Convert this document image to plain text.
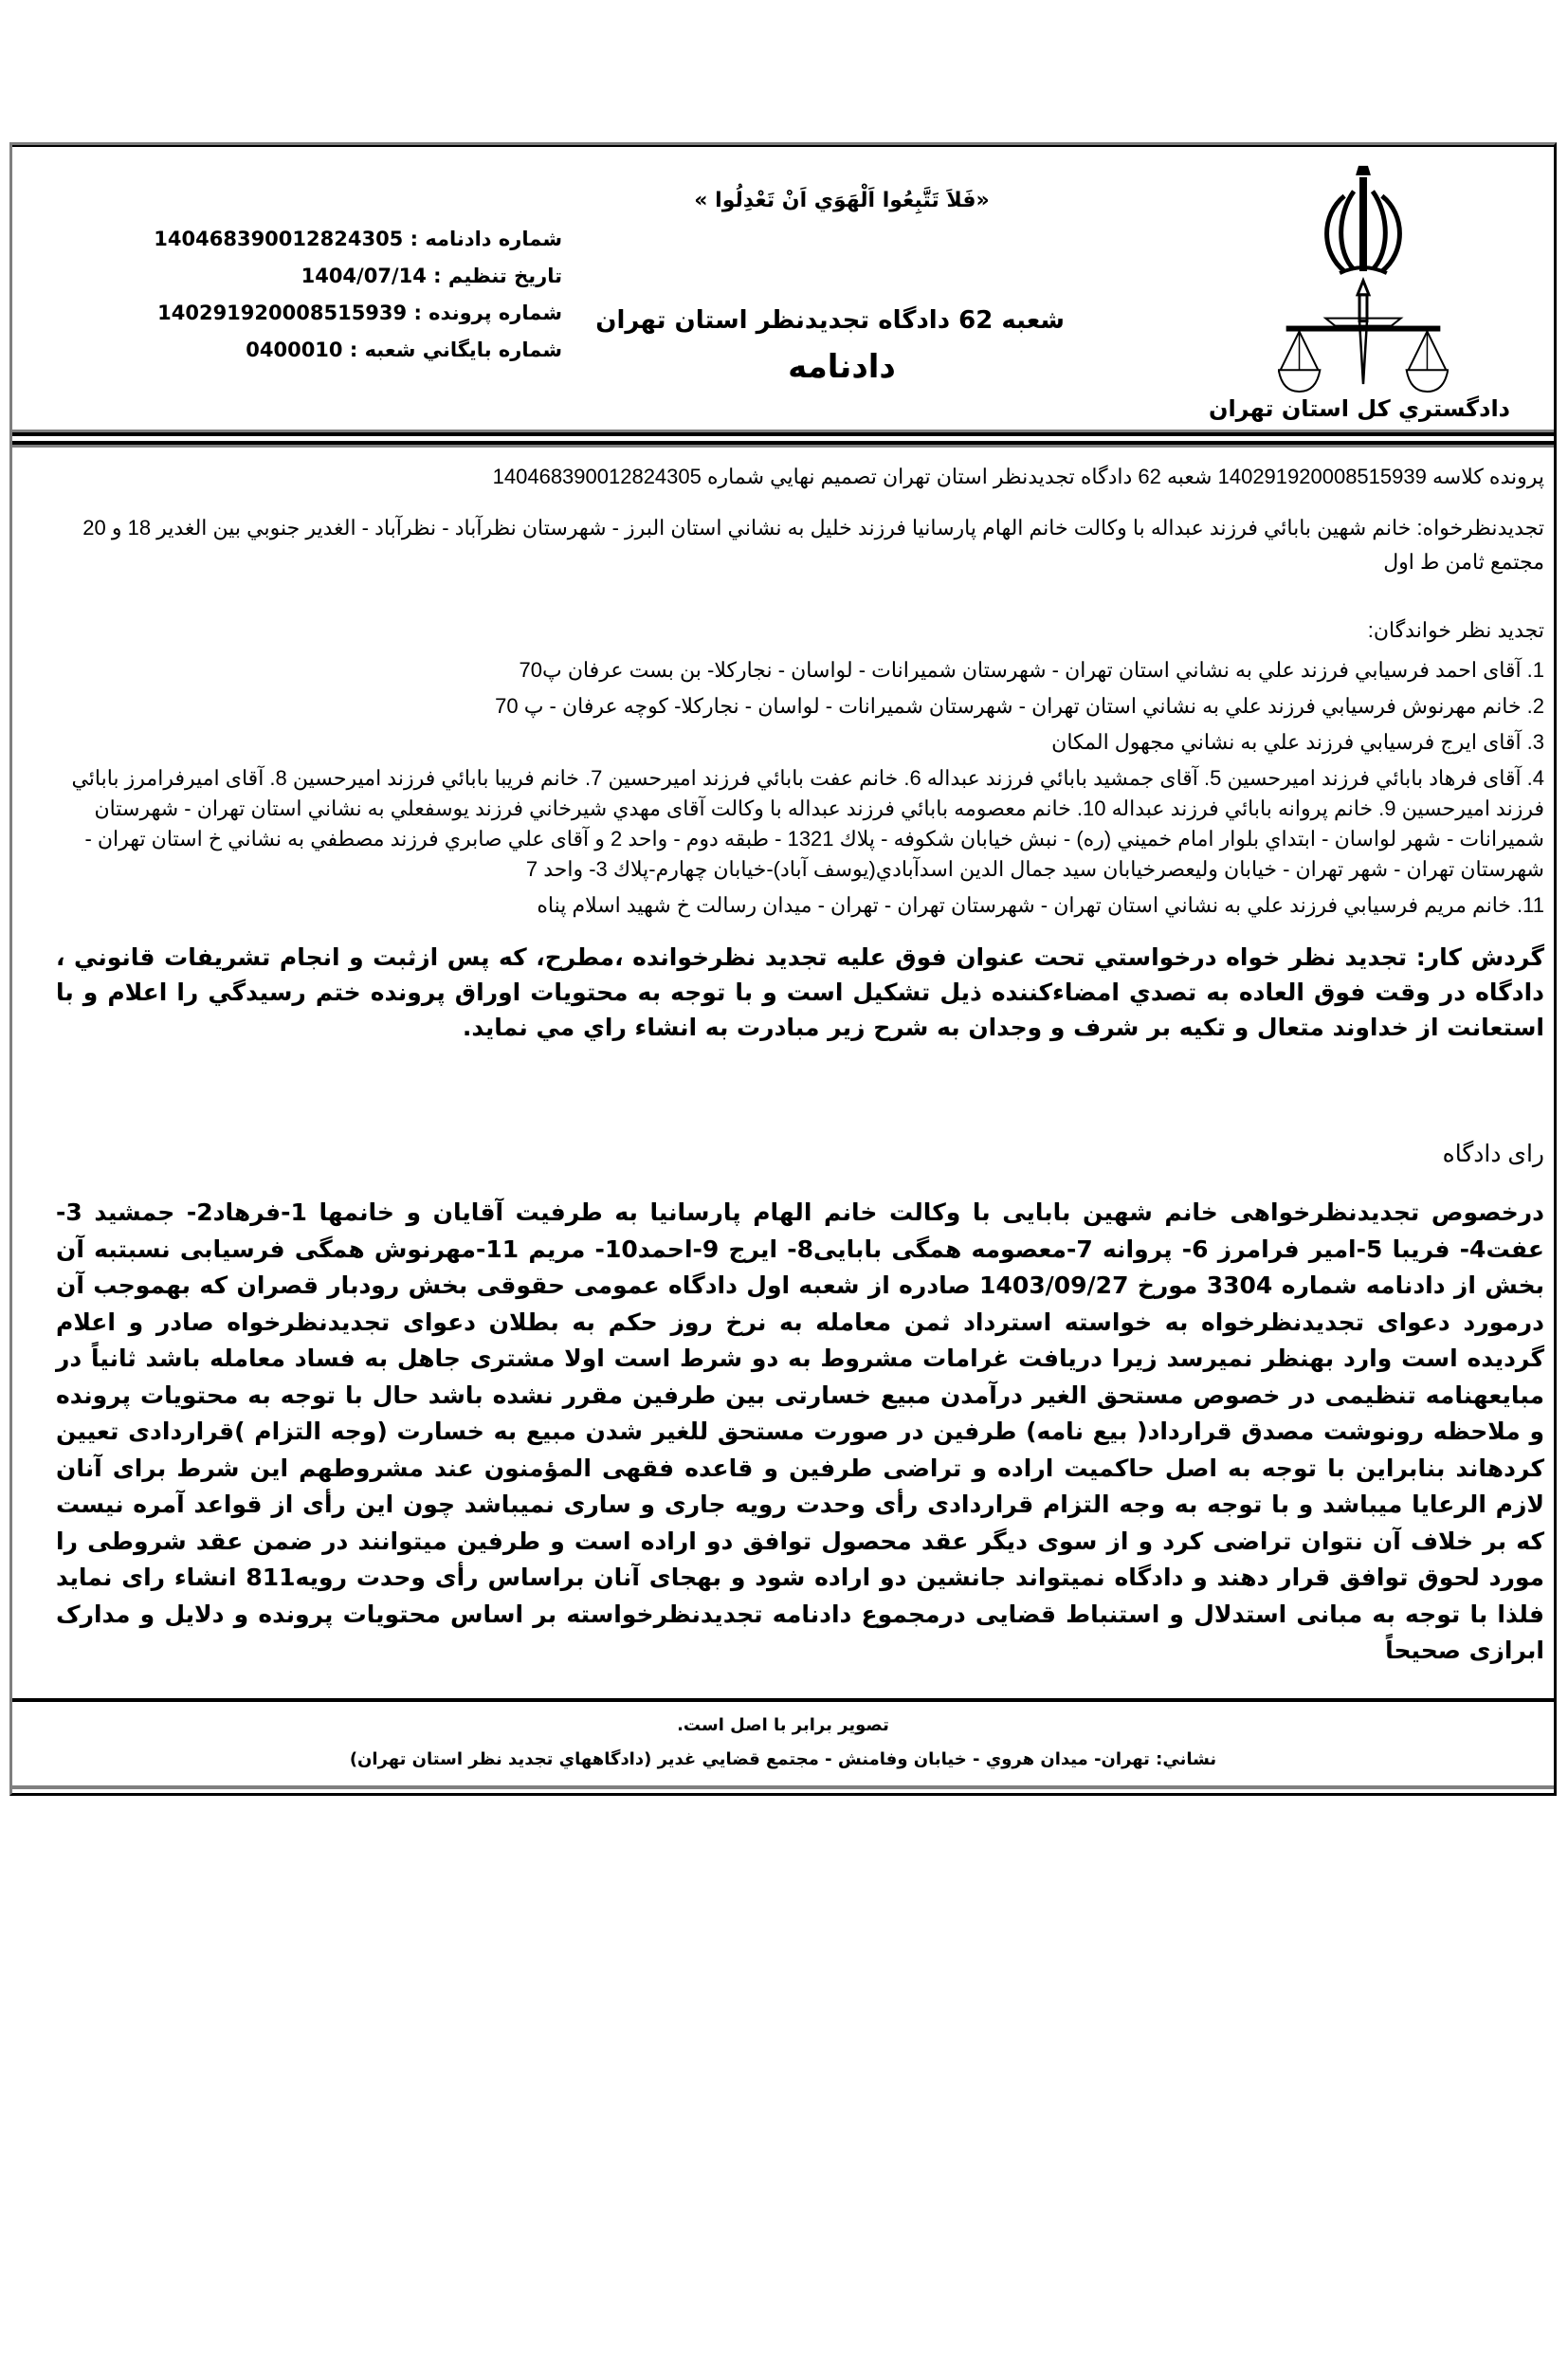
دادگستري كل استان تهران
«فَلاَ تَتَّبِعُوا اَلْهَوَي اَنْ تَعْدِلُوا »
شعبه 62 دادگاه تجديدنظر استان تهران
دادنامه
شماره دادنامه : 140468390012824305
تاريخ تنظيم : 1404/07/14
شماره پرونده : 140291920008515939
شماره بايگاني شعبه : 0400010

پرونده كلاسه 140291920008515939 شعبه 62 دادگاه تجديدنظر استان تهران تصميم نهايي شماره 140468390012824305

تجديدنظرخواه: خانم شهين بابائي فرزند عبداله با وكالت خانم الهام پارسانيا فرزند خليل به نشاني استان البرز - شهرستان نظرآباد - نظرآباد - الغدير جنوبي بين الغدير 18 و 20 مجتمع ثامن ط اول

تجديد نظر خواندگان:

1.آقاى احمد فرسيابي فرزند علي به نشاني استان تهران - شهرستان شميرانات - لواسان - نجاركلا- بن بست عرفان پ70
2.خانم مهرنوش فرسيابي فرزند علي به نشاني استان تهران - شهرستان شميرانات - لواسان - نجاركلا- كوچه عرفان - پ 70
3.آقاى ايرج فرسيابي فرزند علي به نشاني مجهول المكان
4.آقاى فرهاد بابائي فرزند اميرحسين 5. آقاى جمشيد بابائي فرزند عبداله 6. خانم عفت بابائي فرزند اميرحسين 7. خانم فريبا بابائي فرزند اميرحسين 8. آقاى اميرفرامرز بابائي فرزند اميرحسين 9. خانم پروانه بابائي فرزند عبداله 10. خانم معصومه بابائي فرزند عبداله با وكالت آقاى مهدي شيرخاني فرزند يوسفعلي به نشاني استان تهران - شهرستان شميرانات - شهر لواسان - ابتداي بلوار امام خميني (ره) - نبش خيابان شكوفه - پلاك 1321 - طبقه دوم - واحد 2 و آقاى علي صابري فرزند مصطفي به نشاني خ استان تهران - شهرستان تهران - شهر تهران - خيابان وليعصرخيابان سيد جمال الدين اسدآبادي(يوسف آباد)-خيابان چهارم-پلاك 3- واحد 7
11.خانم مريم فرسيابي فرزند علي به نشاني استان تهران - شهرستان تهران - تهران - ميدان رسالت خ شهيد اسلام پناه

گردش كار: تجديد نظر خواه درخواستي تحت عنوان فوق عليه تجديد نظرخوانده ،مطرح، كه پس ازثبت و انجام تشريفات قانوني ، دادگاه در وقت فوق العاده به تصدي امضاءكننده ذيل تشكيل است و با توجه به محتويات اوراق پرونده ختم رسيدگي را اعلام و با استعانت از خداوند متعال و تكيه بر شرف و وجدان به شرح زير مبادرت به انشاء راي مي نمايد.

راى دادگاه

درخصوص تجدیدنظرخواهی خانم شهین بابایی با وکالت خانم الهام پارسانیا به طرفیت آقایان و خانمها 1-فرهاد2- جمشید 3-عفت4- فریبا 5-امیر فرامرز 6- پروانه 7-معصومه همگی بابایی8- ایرج 9-احمد10- مریم 11-مهرنوش همگی فرسیابی نسبتبه آن بخش از دادنامه شماره 3304 مورخ 1403/09/27 صادره از شعبه اول دادگاه عمومی حقوقی بخش رودبار قصران که بهموجب آن درمورد دعوای تجدیدنظرخواه به خواسته استرداد ثمن معامله به نرخ روز حکم به بطلان دعوای تجدیدنظرخواه صادر و اعلام گردیده است وارد بهنظر نمیرسد زیرا دریافت غرامات مشروط به دو شرط است اولا مشتری جاهل به فساد معامله باشد ثانیاً در مبایعهنامه تنظیمی در خصوص مستحق الغیر درآمدن مبیع خسارتی بین طرفین مقرر نشده باشد حال با توجه به محتویات پرونده و ملاحظه رونوشت مصدق قرارداد( بیع نامه) طرفین در صورت مستحق للغیر شدن مبیع به خسارت (وجه التزام )قراردادی تعیین کردهاند بنابراین با توجه به اصل حاکمیت اراده و تراضی طرفین و قاعده فقهی المؤمنون عند مشروطهم این شرط برای آنان لازم الرعایا میباشد و با توجه به وجه التزام قراردادی رأی وحدت رویه جاری و ساری نمیباشد چون این رأی از قواعد آمره نیست که بر خلاف آن نتوان تراضی کرد و از سوی دیگر عقد محصول توافق دو اراده است و طرفین میتوانند در ضمن عقد شروطی را مورد لحوق توافق قرار دهند و دادگاه نمیتواند جانشین دو اراده شود و بهجای آنان براساس رأی وحدت رویه811 انشاء رای نماید فلذا با توجه به مبانی استدلال و استنباط قضایی درمجموع دادنامه تجدیدنظرخواسته بر اساس محتویات پرونده و دلایل و مدارک ابرازی صحیحاً

تصوير برابر با اصل است.
نشاني: تهران- ميدان هروي - خيابان وفامنش - مجتمع قضايي غدير (دادگاههاي تجديد نظر استان تهران)
